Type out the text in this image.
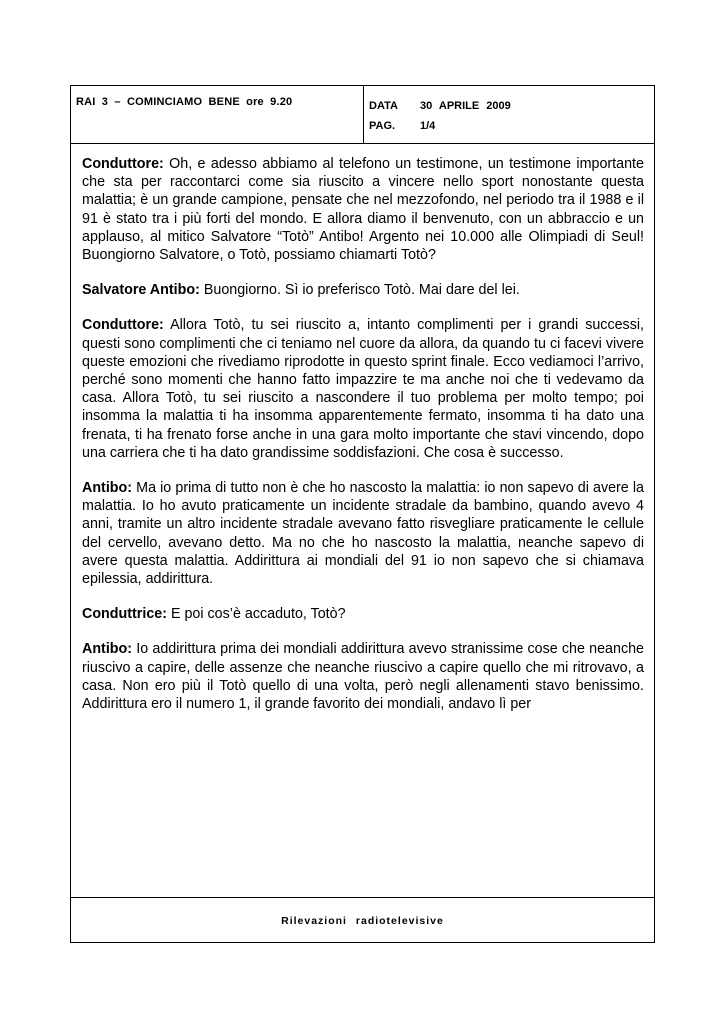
RAI 3 – COMINCIAMO BENE ore 9.20	DATA	30 APRILE 2009
PAG.	1/4

Conduttore: Oh, e adesso abbiamo al telefono un testimone, un testimone importante che sta per raccontarci come sia riuscito a vincere nello sport nonostante questa malattia; è un grande campione, pensate che nel mezzofondo, nel periodo tra il 1988 e il 91 è stato tra i più forti del mondo. E allora diamo il benvenuto, con un abbraccio e un applauso, al mitico Salvatore “Totò” Antibo! Argento nei 10.000 alle Olimpiadi di Seul! Buongiorno Salvatore, o Totò, possiamo chiamarti Totò?

Salvatore Antibo: Buongiorno. Sì io preferisco Totò. Mai dare del lei.

Conduttore: Allora Totò, tu sei riuscito a, intanto complimenti per i grandi successi, questi sono complimenti che ci teniamo nel cuore da allora, da quando tu ci facevi vivere queste emozioni che rivediamo riprodotte in questo sprint finale. Ecco vediamoci l’arrivo, perché sono momenti che hanno fatto impazzire te ma anche noi che ti vedevamo da casa. Allora Totò, tu sei riuscito a nascondere il tuo problema per molto tempo; poi insomma la malattia ti ha insomma apparentemente fermato, insomma ti ha dato una frenata, ti ha frenato forse anche in una gara molto importante che stavi vincendo, dopo una carriera che ti ha dato grandissime soddisfazioni. Che cosa è successo.

Antibo: Ma io prima di tutto non è che ho nascosto la malattia: io non sapevo di avere la malattia. Io ho avuto praticamente un incidente stradale da bambino, quando avevo 4 anni, tramite un altro incidente stradale avevano fatto risvegliare praticamente le cellule del cervello, avevano detto. Ma no che ho nascosto la malattia, neanche sapevo di avere questa malattia. Addirittura ai mondiali del 91 io non sapevo che si chiamava epilessia, addirittura.

Conduttrice: E poi cos’è accaduto, Totò?

Antibo: Io addirittura prima dei mondiali addirittura avevo stranissime cose che neanche riuscivo a capire, delle assenze che neanche riuscivo a capire quello che mi ritrovavo, a casa. Non ero più il Totò quello di una volta, però negli allenamenti stavo benissimo. Addirittura ero il numero 1, il grande favorito dei mondiali, andavo lì per

Rilevazioni radiotelevisive
